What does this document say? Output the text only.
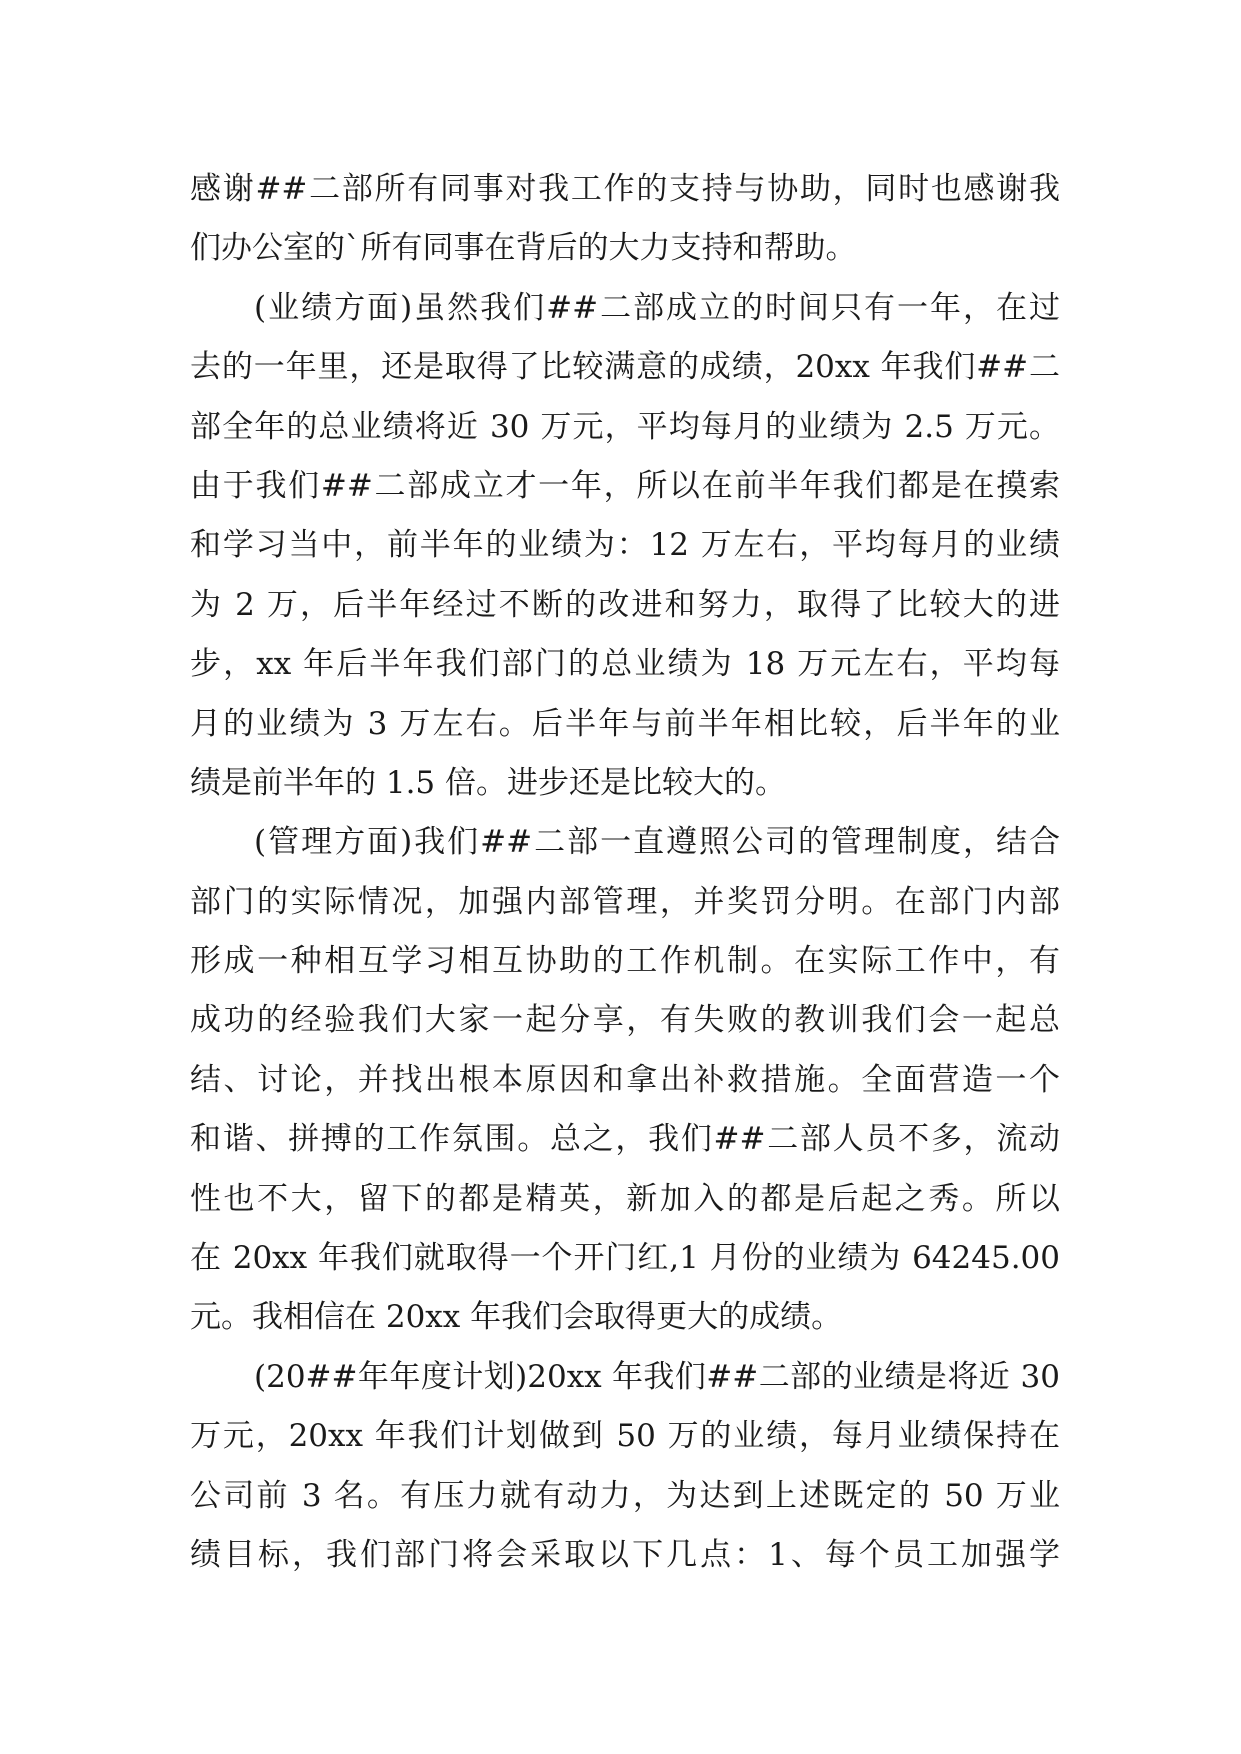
感谢##二部所有同事对我工作的支持与协助，同时也感谢我
们办公室的`所有同事在背后的大力支持和帮助。
(业绩方面)虽然我们##二部成立的时间只有一年，在过
去的一年里，还是取得了比较满意的成绩，20xx 年我们##二
部全年的总业绩将近 30 万元，平均每月的业绩为 2.5 万元。
由于我们##二部成立才一年，所以在前半年我们都是在摸索
和学习当中，前半年的业绩为：12 万左右，平均每月的业绩
为 2 万，后半年经过不断的改进和努力，取得了比较大的进
步，xx 年后半年我们部门的总业绩为 18 万元左右，平均每
月的业绩为 3 万左右。后半年与前半年相比较，后半年的业
绩是前半年的 1.5 倍。进步还是比较大的。
(管理方面)我们##二部一直遵照公司的管理制度，结合
部门的实际情况，加强内部管理，并奖罚分明。在部门内部
形成一种相互学习相互协助的工作机制。在实际工作中，有
成功的经验我们大家一起分享，有失败的教训我们会一起总
结、讨论，并找出根本原因和拿出补救措施。全面营造一个
和谐、拼搏的工作氛围。总之，我们##二部人员不多，流动
性也不大，留下的都是精英，新加入的都是后起之秀。所以
在 20xx 年我们就取得一个开门红,1 月份的业绩为 64245.00
元。我相信在 20xx 年我们会取得更大的成绩。
(20##年年度计划)20xx 年我们##二部的业绩是将近 30
万元，20xx 年我们计划做到 50 万的业绩，每月业绩保持在
公司前 3 名。有压力就有动力，为达到上述既定的 50 万业
绩目标，我们部门将会采取以下几点：1、每个员工加强学
